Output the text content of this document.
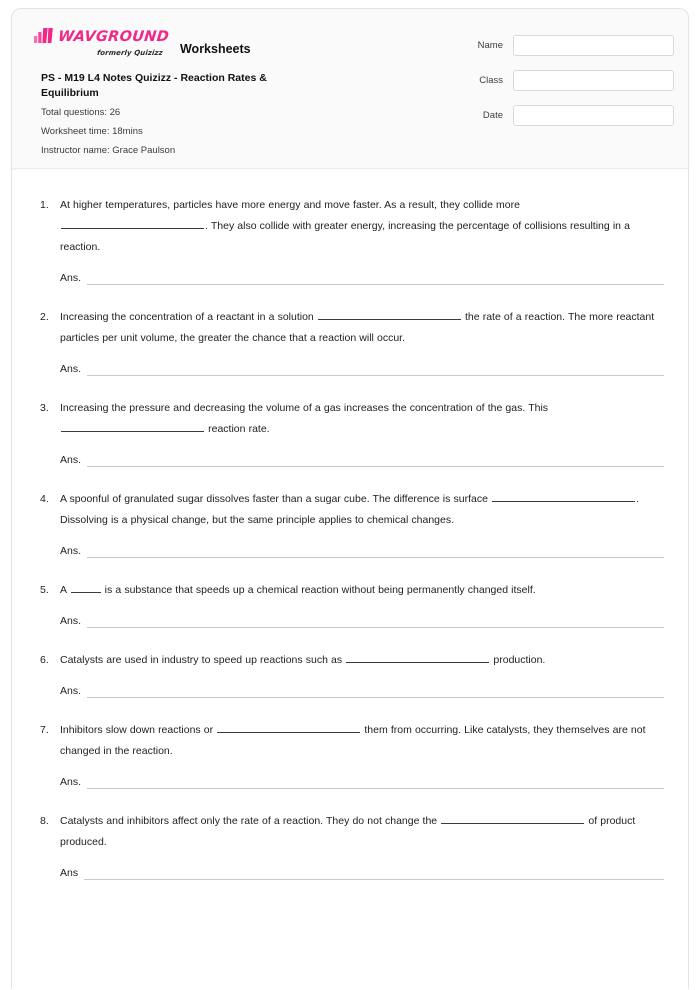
WAVGROUND
formerly Quizizz Worksheets
PS - M19 L4 Notes Quizizz - Reaction Rates & Equilibrium
Total questions: 26
Worksheet time: 18mins
Instructor name: Grace Paulson
Name
Class
Date
1.	At higher temperatures, particles have more energy and move faster. As a result, they collide more . They also collide with greater energy, increasing the percentage of collisions resulting in a reaction.
Ans.
2.	Increasing the concentration of a reactant in a solution	the rate of a reaction. The more reactant particles per unit volume, the greater the chance that a reaction will occur.
Ans.
3.	Increasing the pressure and decreasing the volume of a gas increases the concentration of the gas. This  reaction rate.
Ans.
4.	A spoonful of granulated sugar dissolves faster than a sugar cube. The difference is surface	. Dissolving is a physical change, but the same principle applies to chemical changes.
Ans.
5.	A	is a substance that speeds up a chemical reaction without being permanently changed itself.
Ans.
6.	Catalysts are used in industry to speed up reactions such as	production.
Ans.
7.	Inhibitors slow down reactions or	them from occurring. Like catalysts, they themselves are not changed in the reaction.
Ans.
8.	Catalysts and inhibitors affect only the rate of a reaction. They do not change the	of product produced.
Ans
